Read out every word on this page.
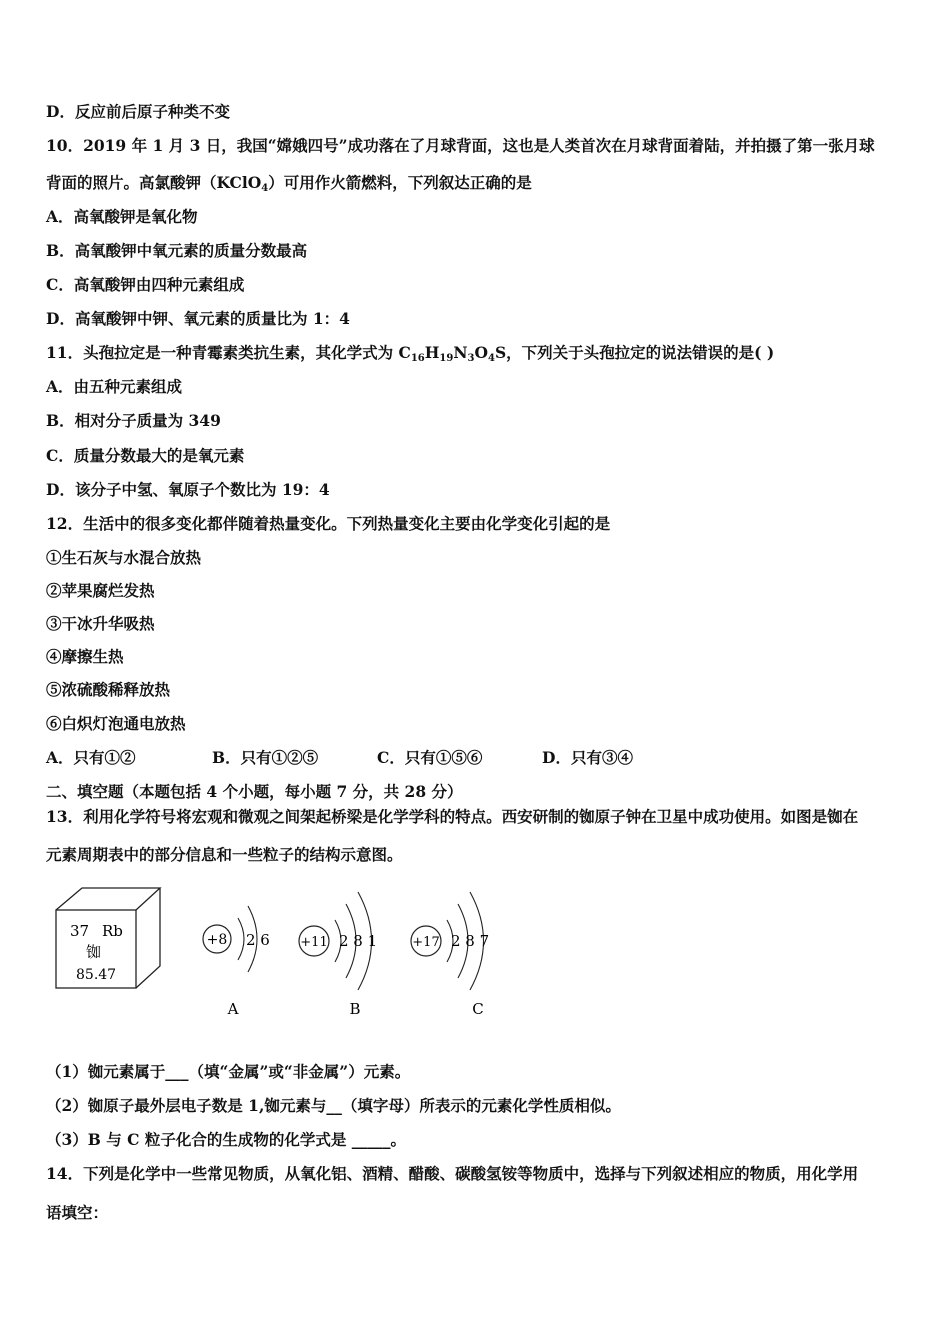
D．反应前后原子种类不变
10．2019 年 1 月 3 日，我国“嫦娥四号”成功落在了月球背面，这也是人类首次在月球背面着陆，并拍摄了第一张月球
背面的照片。高氯酸钾（KClO$_4$）可用作火箭燃料，下列叙达正确的是
A．高氧酸钾是氧化物
B．高氧酸钾中氧元素的质量分数最高
C．高氧酸钾由四种元素组成
D．高氧酸钾中钾、氧元素的质量比为 1：4
11．头孢拉定是一种青霉素类抗生素，其化学式为 $C_{16}H_{19}N_3O_4S$，下列关于头孢拉定的说法错误的是( )
A．由五种元素组成
B．相对分子质量为 349
C．质量分数最大的是氧元素
D．该分子中氢、氧原子个数比为 19：4
12．生活中的很多变化都伴随着热量变化。下列热量变化主要由化学变化引起的是
①生石灰与水混合放热
②苹果腐烂发热
③干冰升华吸热
④摩擦生热
⑤浓硫酸稀释放热
⑥白炽灯泡通电放热
A．只有①②	B．只有①②⑤	C．只有①⑤⑥	D．只有③④
二、填空题（本题包括 4 个小题，每小题 7 分，共 28 分）
13．利用化学符号将宏观和微观之间架起桥梁是化学学科的特点。西安研制的铷原子钟在卫星中成功使用。如图是铷在
元素周期表中的部分信息和一些粒子的结构示意图。
37 Rb
铷
85.47
+8 2 6
A
+11 2 8 1
B
+17 2 8 7
C
（1）铷元素属于___（填“金属”或“非金属”）元素。
（2）铷原子最外层电子数是 1,铷元素与__（填字母）所表示的元素化学性质相似。
（3）B 与 C 粒子化合的生成物的化学式是 _____。
14．下列是化学中一些常见物质，从氧化铝、酒精、醋酸、碳酸氢铵等物质中，选择与下列叙述相应的物质，用化学用
语填空：
